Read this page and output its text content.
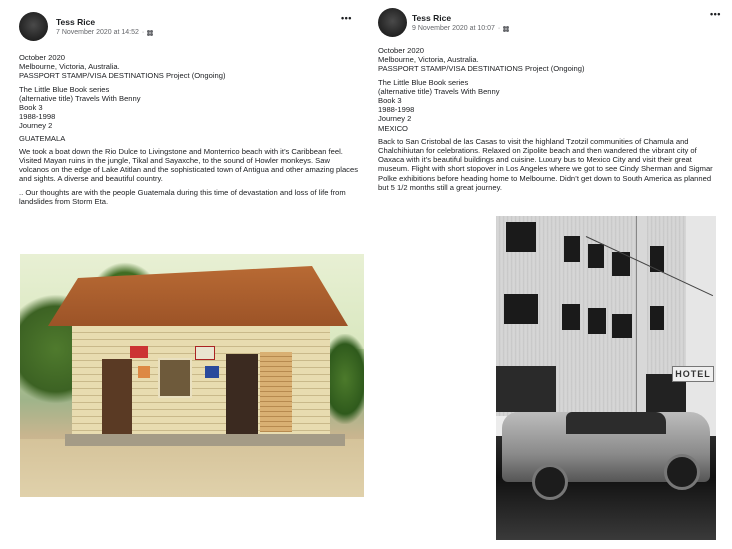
Tess Rice
7 November 2020 at 14:52 ·
•••
October 2020
Melbourne, Victoria, Australia.
PASSPORT STAMP/VISA DESTINATIONS Project (Ongoing)
The Little Blue Book series
(alternative title) Travels With Benny
Book 3
1988-1998
Journey 2
GUATEMALA
We took a boat down the Rio Dulce to Livingstone and Monterrico beach with it’s Caribbean feel. Visited Mayan ruins in the jungle, Tikal and Sayaxche, to the sound of Howler monkeys. Saw volcanos on the edge of Lake Atitlan and the sophisticated town of Antigua and other amazing places and sights. A diverse and beautiful country.
.. Our thoughts are with the people Guatemala during this time of devastation and loss of life from landslides from Storm Eta.
Tess Rice
9 November 2020 at 10:07 ·
•••
October 2020
Melbourne, Victoria, Australia.
PASSPORT STAMP/VISA DESTINATIONS Project (Ongoing)
The Little Blue Book series
(alternative title) Travels With Benny
Book 3
1988-1998
Journey 2
MEXICO
Back to San Cristobal de las Casas to visit the highland Tzotzil communities of Chamula and Chalchihiutan for celebrations. Relaxed on Zipolite beach and then wandered the vibrant city of Oaxaca with it’s beautiful buildings and cuisine. Luxury bus to Mexico City and visit their great museum. Flight with short stopover in Los Angeles where we got to see Cindy Sherman and Sigmar Polke exhibitions before heading home to Melbourne. Didn’t get down to South America as planned but 5 1/2 months still a great journey.
HOTEL
